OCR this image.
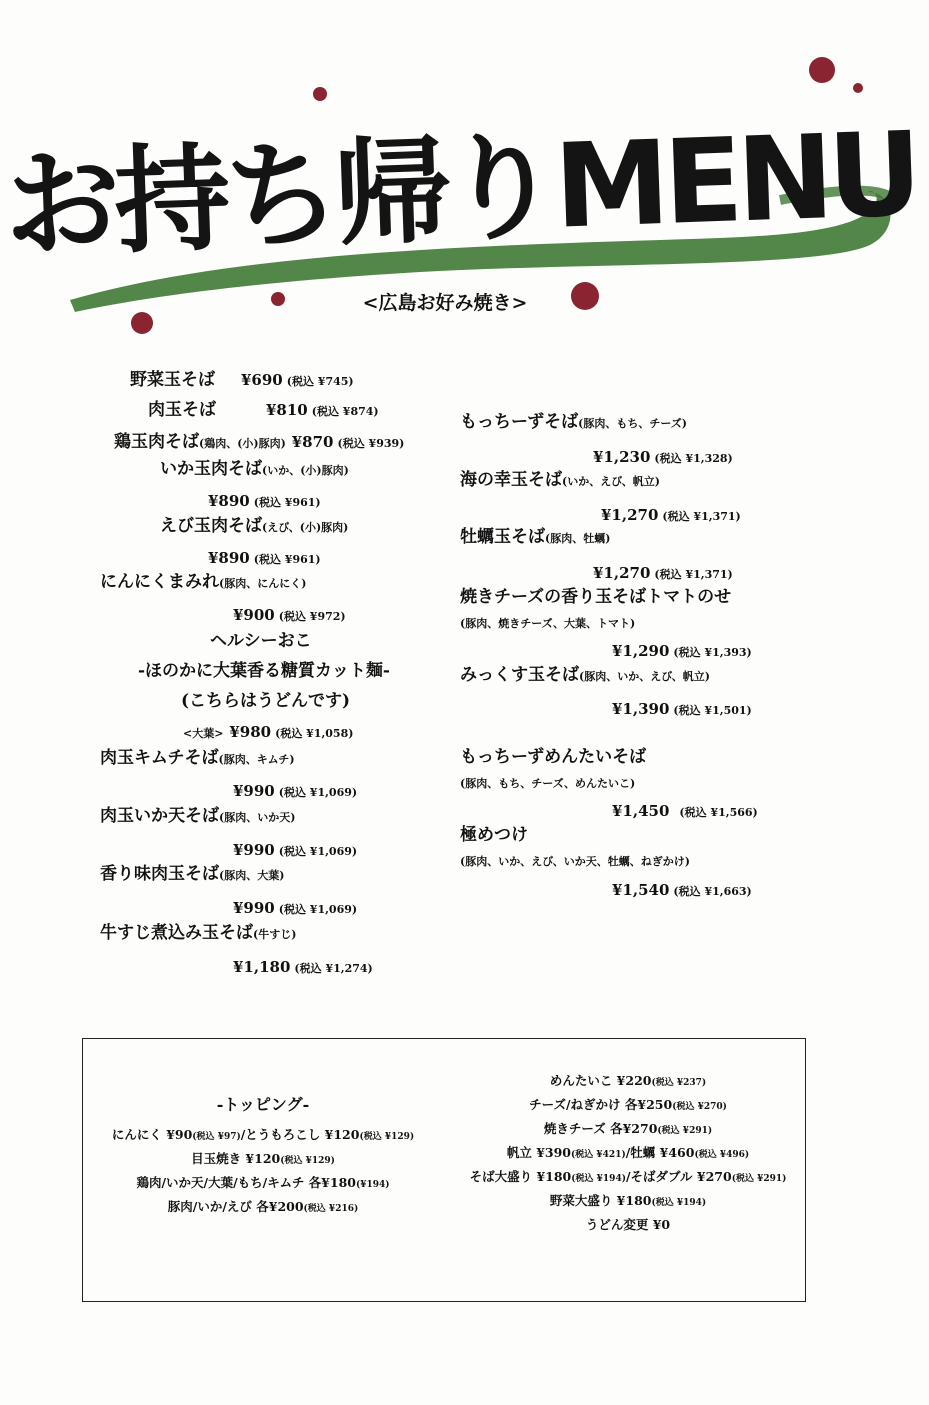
お持ち帰りMENU
<広島お好み焼き>
野菜玉そば ¥690 (税込 ¥745)
肉玉そば	¥810 (税込 ¥874)
鶏玉肉そば(鶏肉、(小)豚肉) ¥870 (税込 ¥939)
いか玉肉そば(いか、(小)豚肉)
¥890 (税込 ¥961)
えび玉肉そば(えび、(小)豚肉)
¥890 (税込 ¥961)
にんにくまみれ(豚肉、にんにく)
¥900 (税込 ¥972)
ヘルシーおこ
-ほのかに大葉香る糖質カット麺-
(こちらはうどんです)
<大葉> ¥980 (税込 ¥1,058)
肉玉キムチそば(豚肉、キムチ)
¥990 (税込 ¥1,069)
肉玉いか天そば(豚肉、いか天)
¥990 (税込 ¥1,069)
香り味肉玉そば(豚肉、大葉)
¥990 (税込 ¥1,069)
牛すじ煮込み玉そば(牛すじ)
¥1,180 (税込 ¥1,274)
もっちーずそば(豚肉、もち、チーズ)
¥1,230 (税込 ¥1,328)
海の幸玉そば(いか、えび、帆立)
¥1,270 (税込 ¥1,371)
牡蠣玉そば(豚肉、牡蠣)
¥1,270 (税込 ¥1,371)
焼きチーズの香り玉そばトマトのせ
(豚肉、焼きチーズ、大葉、トマト)
¥1,290 (税込 ¥1,393)
みっくす玉そば(豚肉、いか、えび、帆立)
¥1,390 (税込 ¥1,501)
もっちーずめんたいそば
(豚肉、もち、チーズ、めんたいこ)
¥1,450 (税込 ¥1,566)
極めつけ
(豚肉、いか、えび、いか天、牡蠣、ねぎかけ)
¥1,540 (税込 ¥1,663)
-トッピング-
にんにく ¥90(税込 ¥97)/とうもろこし ¥120(税込 ¥129)
目玉焼き ¥120(税込 ¥129)
鶏肉/いか天/大葉/もち/キムチ 各¥180(¥194)
豚肉/いか/えび 各¥200(税込 ¥216)
めんたいこ ¥220(税込 ¥237)
チーズ/ねぎかけ 各¥250(税込 ¥270)
焼きチーズ 各¥270(税込 ¥291)
帆立 ¥390(税込 ¥421)/牡蠣 ¥460(税込 ¥496)
そば大盛り ¥180(税込 ¥194)/そばダブル ¥270(税込 ¥291)
野菜大盛り ¥180(税込 ¥194)
うどん変更 ¥0
